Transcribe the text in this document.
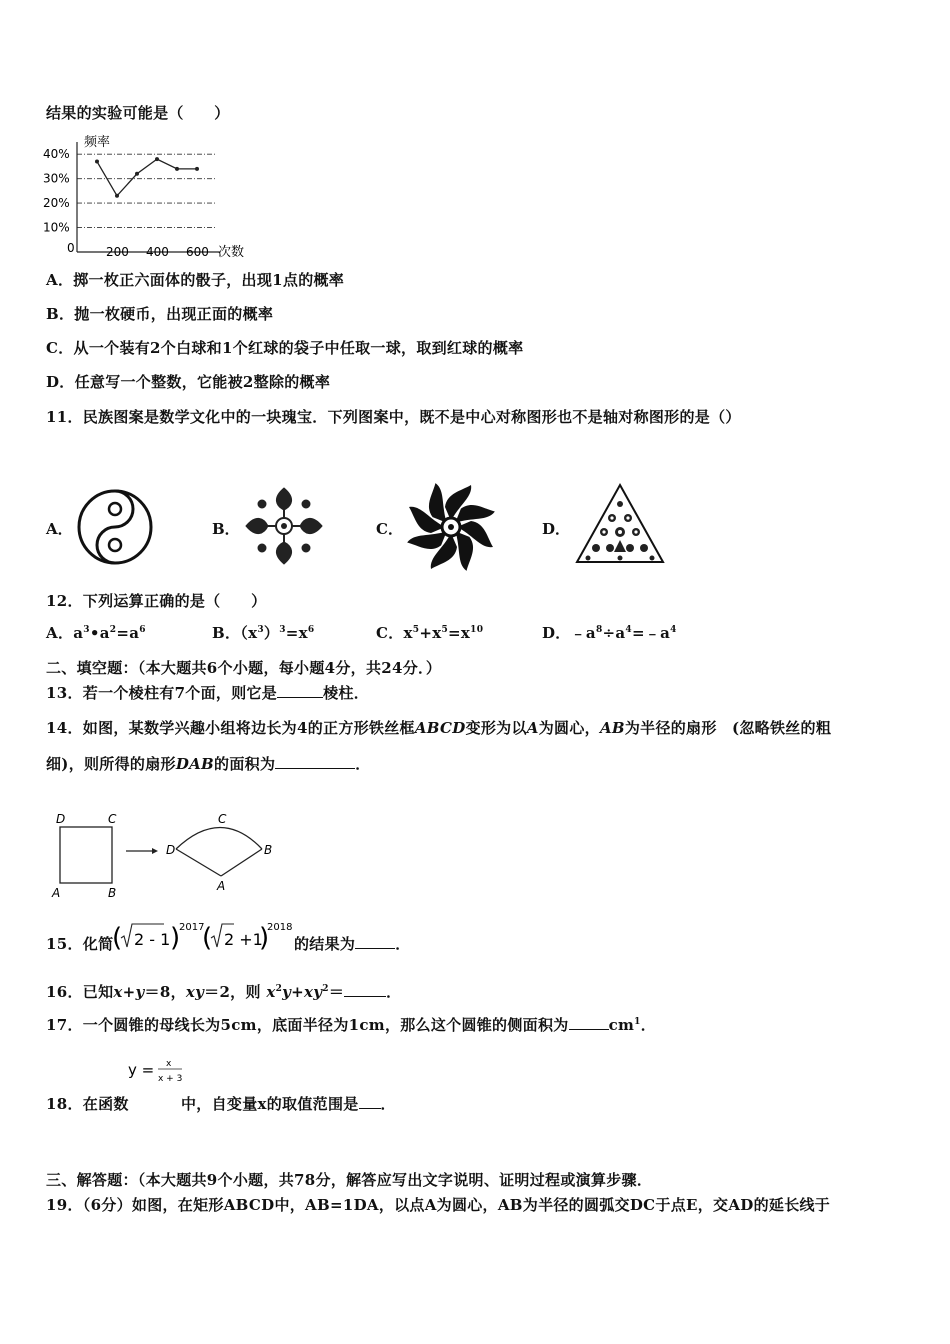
结果的实验可能是（　　）
频率
次数
0
10%
20%
30%
40%
200 400 600
A．掷一枚正六面体的骰子，出现1点的概率
B．抛一枚硬币，出现正面的概率
C．从一个装有2个白球和1个红球的袋子中任取一球，取到红球的概率
D．任意写一个整数，它能被2整除的概率
11．民族图案是数学文化中的一块瑰宝．下列图案中，既不是中心对称图形也不是轴对称图形的是（）
A．	B．	C．	D．
12．下列运算正确的是（　　）
A．$a^3•a^2=a^6$	B．$(x^3)^3=x^6$	C．$x^5+x^5=x^{10}$	D．$﹣a^8\div a^4=﹣a^4$
二、填空题：（本大题共6个小题，每小题4分，共24分．）
13．若一个棱柱有7个面，则它是	棱柱．
14．如图，某数学兴趣小组将边长为4的正方形铁丝框ABCD变形为以A为圆心，AB为半径的扇形　(忽略铁丝的粗
细)，则所得的扇形DAB的面积为	．
D	C
A	B
D
C
B
A
15．化简
( 2 - 1 )
2017
( 2 +1
)
2018
的结果为	．
16．已知x+y＝8，xy＝2，则 $x^2y+xy^2=$	．
17．一个圆锥的母线长为5cm，底面半径为1cm，那么这个圆锥的侧面积为	$cm^1$．
y = x
x + 3
18．在函数	中，自变量x的取值范围是 ．
三、解答题：（本大题共9个小题，共78分，解答应写出文字说明、证明过程或演算步骤．
19．（6分）如图，在矩形ABCD中，AB=1DA，以点A为圆心，AB为半径的圆弧交DC于点E，交AD的延长线于
